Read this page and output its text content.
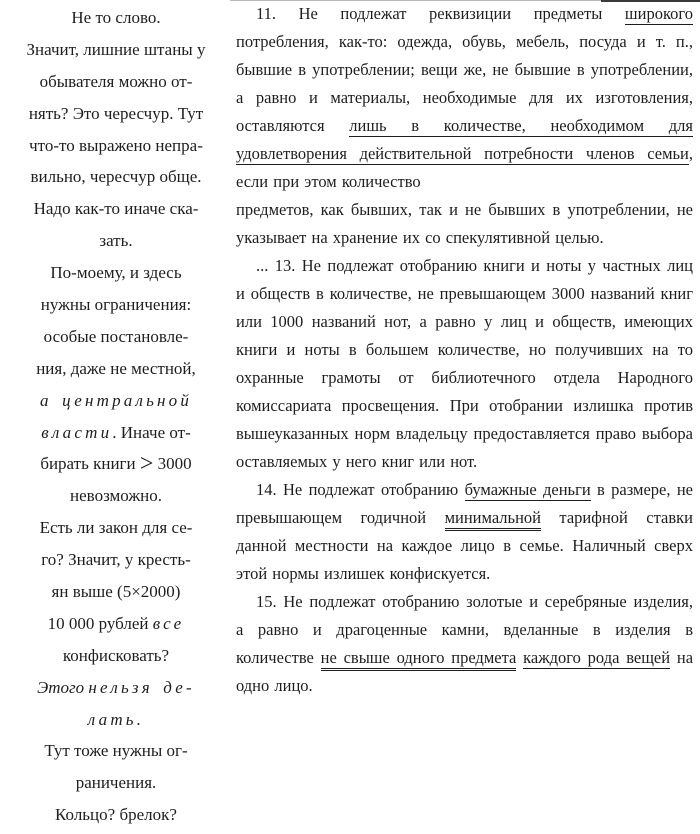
Не то слово.
Значит, лишние штаны у
обывателя можно от-
нять? Это чересчур. Тут
что-то выражено непра-
вильно, чересчур обще.
Надо как-то иначе ска-
зать.
По-моему, и здесь
нужны ограничения:
особые постановле-
ния, даже не местной,
а центральной
власти. Иначе от-
бирать книги > 3000
невозможно.
Есть ли закон для се-
го? Значит, у кресть-
ян выше (5×2000)
10 000 рублей все
конфисковать?
Этого нельзя де-
лать.
Тут тоже нужны ог-
раничения.
Кольцо? брелок?

11. Не подлежат реквизиции предметы широкого потребления, как-то: одежда, обувь, мебель, посуда и т. п., бывшие в употреблении; вещи же, не бывшие в употреблении, а равно и материалы, необходимые для их изготовления, оставляются лишь в количестве, необходимом для удовлетворения действительной потребности членов семьи, если при этом количество
предметов, как бывших, так и не бывших в употреблении, не указывает на хранение их со спекулятивной целью.

... 13. Не подлежат отобранию книги и ноты у частных лиц и обществ в количестве, не превышающем 3000 названий книг или 1000 названий нот, а равно у лиц и обществ, имеющих книги и ноты в большем количестве, но получивших на то охранные грамоты от библиотечного отдела Народного комиссариата просвещения. При отобрании излишка против вышеуказанных норм владельцу предоставляется право выбора оставляемых у него книг или нот.

14. Не подлежат отобранию бумажные деньги в размере, не превышающем годичной минимальной тарифной ставки данной местности на каждое лицо в семье. Наличный сверх этой нормы излишек конфискуется.

15. Не подлежат отобранию золотые и серебряные изделия, а равно и драгоценные камни, вделанные в изделия в количестве не свыше одного предмета каждого рода вещей на одно лицо.
